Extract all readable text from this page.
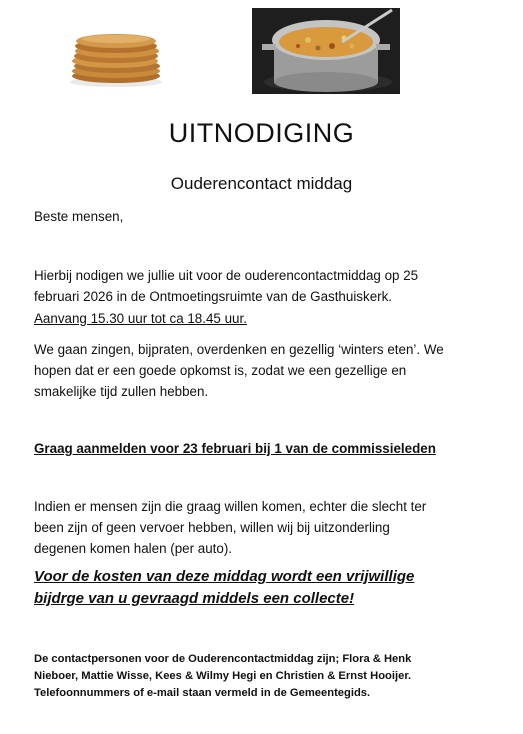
UITNODIGING
Ouderencontact middag
Beste mensen,
Hierbij nodigen we jullie uit voor de ouderencontactmiddag op 25
februari 2026 in de Ontmoetingsruimte van de Gasthuiskerk.
Aanvang 15.30 uur tot ca 18.45 uur.
We gaan zingen, bijpraten, overdenken en gezellig ‘winters eten’. We
hopen dat er een goede opkomst is, zodat we een gezellige en
smakelijke tijd zullen hebben.
Graag aanmelden voor 23 februari bij 1 van de commissieleden
Indien er mensen zijn die graag willen komen, echter die slecht ter
been zijn of geen vervoer hebben, willen wij bij uitzonderling
degenen komen halen (per auto).
Voor de kosten van deze middag wordt een vrijwillige
bijdrge van u gevraagd middels een collecte!
De contactpersonen voor de Ouderencontactmiddag zijn; Flora & Henk
Nieboer, Mattie Wisse, Kees & Wilmy Hegi en Christien & Ernst Hooijer.
Telefoonnummers of e-mail staan vermeld in de Gemeentegids.
